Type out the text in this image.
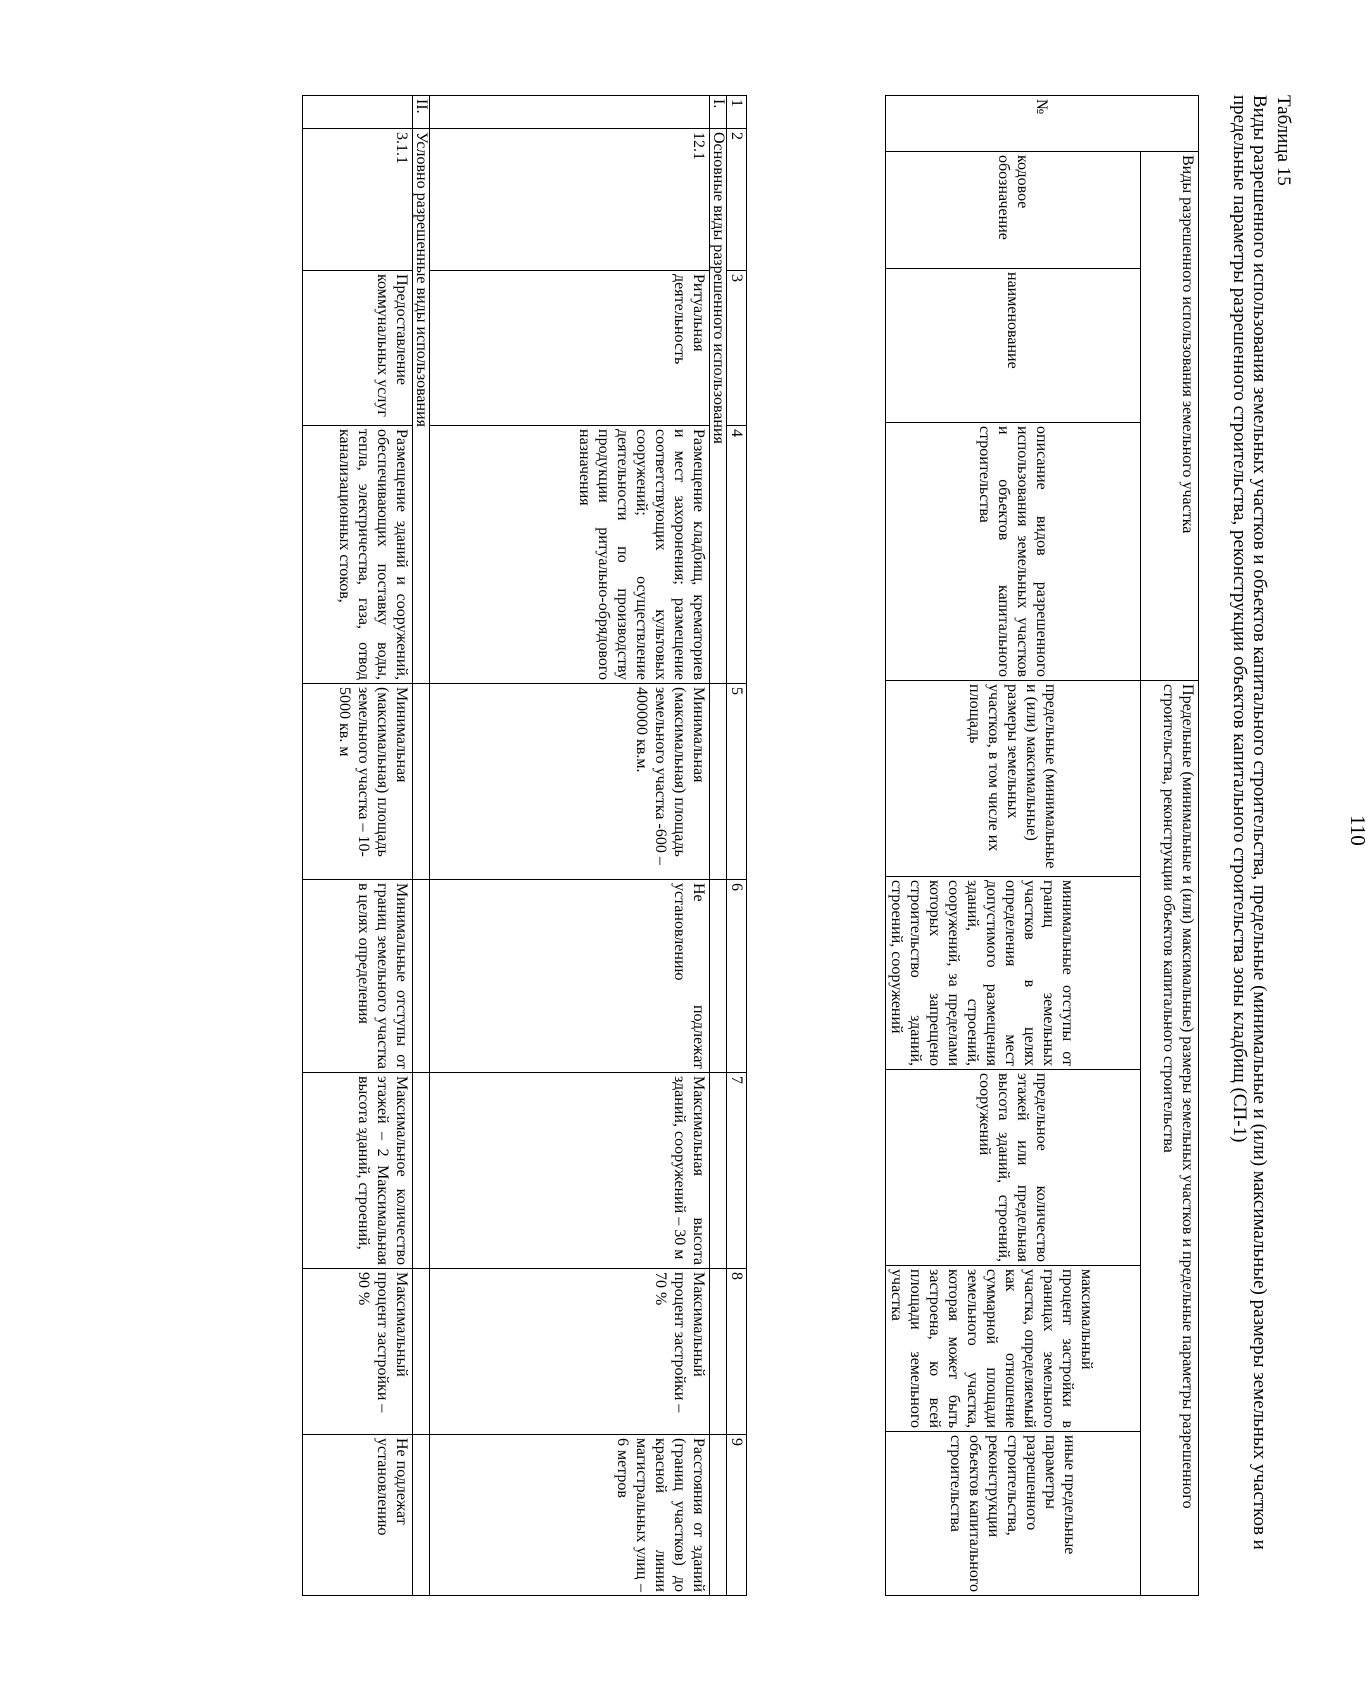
110
Таблица 15
Виды разрешенного использования земельных участков и объектов капитального строительства, предельные (минимальные и (или) максимальные) размеры земельных участков и предельные параметры разрешенного строительства, реконструкции объектов капитального строительства зоны кладбищ (СП-1)
№	Виды разрешенного использования земельного участка			Предельные (минимальные и (или) максимальные) размеры земельных участков и предельные параметры разрешенного строительства, реконструкции объектов капитального строительства				
	кодовое обозначение	наименование	описание видов разрешенного использования земельных участков и объектов капитального строительства	предельные (минимальные и (или) максимальные) размеры земельных участков, в том числе их площадь	минимальные отступы от границ земельных участков в целях определения мест допустимого размещения зданий, строений, сооружений, за пределами которых запрещено строительство зданий, строений, сооружений	предельное количество этажей или предельная высота зданий, строений, сооружений	максимальный процент застройки в границах земельного участка, определяемый как отношение суммарной площади земельного участка, которая может быть застроена, ко всей площади земельного участка	иные предельные параметры разрешенного строительства, реконструкции объектов капитального строительства
1	2	3	4	5	6	7	8	9
I.	Основные виды разрешенного использования							
	12.1	Ритуальная деятельность	Размещение кладбищ, крематориев и мест захоронения; размещение соответствующих культовых сооружений; осуществление деятельности по производству продукции ритуально-обрядового назначения	Минимальная (максимальная) площадь земельного участка -600 – 400000 кв.м.	Не подлежат установлению	Максимальная высота зданий, сооружений – 30 м	Максимальный процент застройки – 70 %	Расстояния от зданий (границ участков) до красной линии магистральных улиц – 6 метров
II.	Условно разрешенные виды использования							
	3.1.1	Предоставление коммунальных услуг	Размещение зданий и сооружений, обеспечивающих поставку воды, тепла, электричества, газа, отвод канализационных стоков,	Минимальная (максимальная) площадь земельного участка – 10-5000 кв. м	Минимальные отступы от границ земельного участка в целях определения	Максимальное количество этажей – 2 Максимальная высота зданий, строений,	Максимальный процент застройки – 90 %	Не подлежат установлению
